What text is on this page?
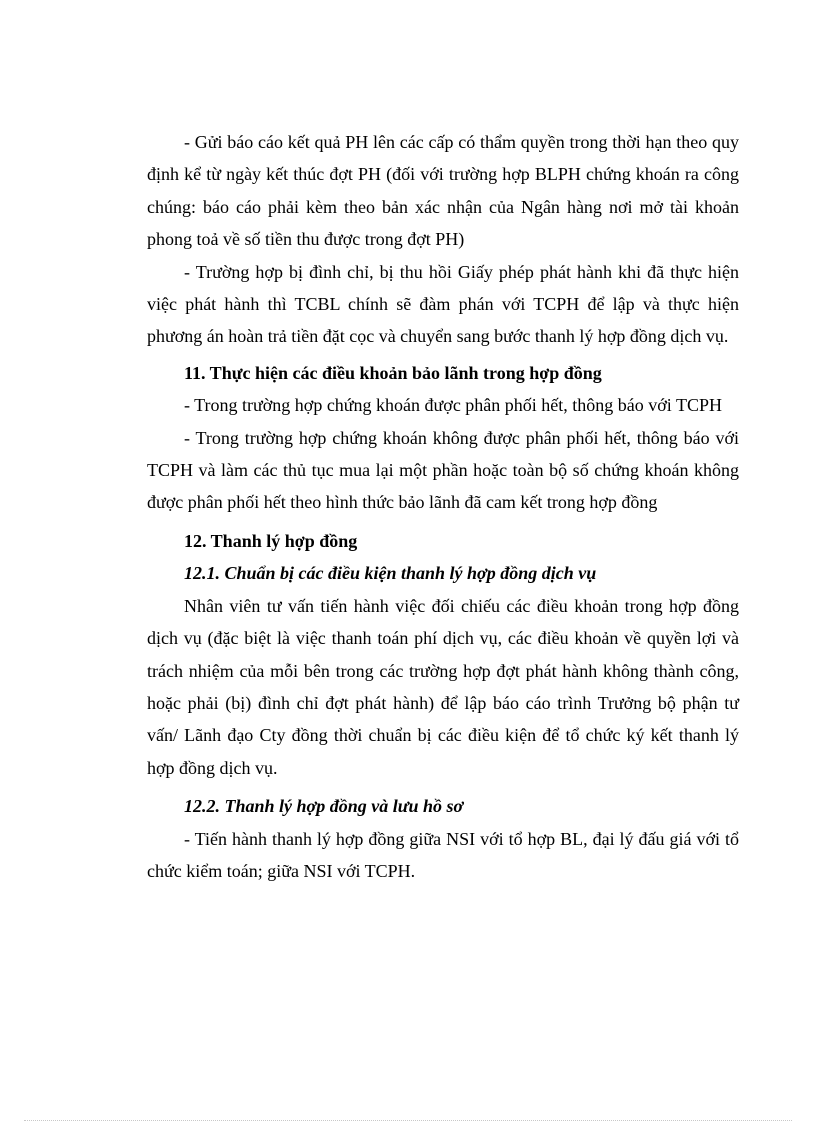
- Gửi báo cáo kết quả PH lên các cấp có thẩm quyền trong thời hạn theo quy định kể từ ngày kết thúc đợt PH (đối với trường hợp BLPH chứng khoán ra công chúng: báo cáo phải kèm theo bản xác nhận của Ngân hàng nơi mở tài khoản phong toả về số tiền thu được trong đợt PH)

- Trường hợp bị đình chỉ, bị thu hồi Giấy phép phát hành khi đã thực hiện việc phát hành thì TCBL chính sẽ đàm phán với TCPH để lập và thực hiện phương án hoàn trả tiền đặt cọc và chuyển sang bước thanh lý hợp đồng dịch vụ.

11. Thực hiện các điều khoản bảo lãnh trong hợp đồng

- Trong trường hợp chứng khoán được phân phối hết, thông báo với TCPH

- Trong trường hợp chứng khoán không được phân phối hết, thông báo với TCPH và làm các thủ tục mua lại một phần hoặc toàn bộ số chứng khoán không được phân phối hết theo hình thức bảo lãnh đã cam kết trong hợp đồng

12. Thanh lý hợp đồng

12.1. Chuẩn bị các điều kiện thanh lý hợp đồng dịch vụ

Nhân viên tư vấn tiến hành việc đối chiếu các điều khoản trong hợp đồng dịch vụ (đặc biệt là việc thanh toán phí dịch vụ, các điều khoản về quyền lợi và trách nhiệm của mỗi bên trong các trường hợp đợt phát hành không thành công, hoặc phải (bị) đình chỉ đợt phát hành) để lập báo cáo trình Trưởng bộ phận tư vấn/ Lãnh đạo Cty đồng thời chuẩn bị các điều kiện để tổ chức ký kết thanh lý hợp đồng dịch vụ.

12.2. Thanh lý hợp đồng và lưu hồ sơ

- Tiến hành thanh lý hợp đồng giữa NSI với tổ hợp BL, đại lý đấu giá với tổ chức kiểm toán; giữa NSI với TCPH.
